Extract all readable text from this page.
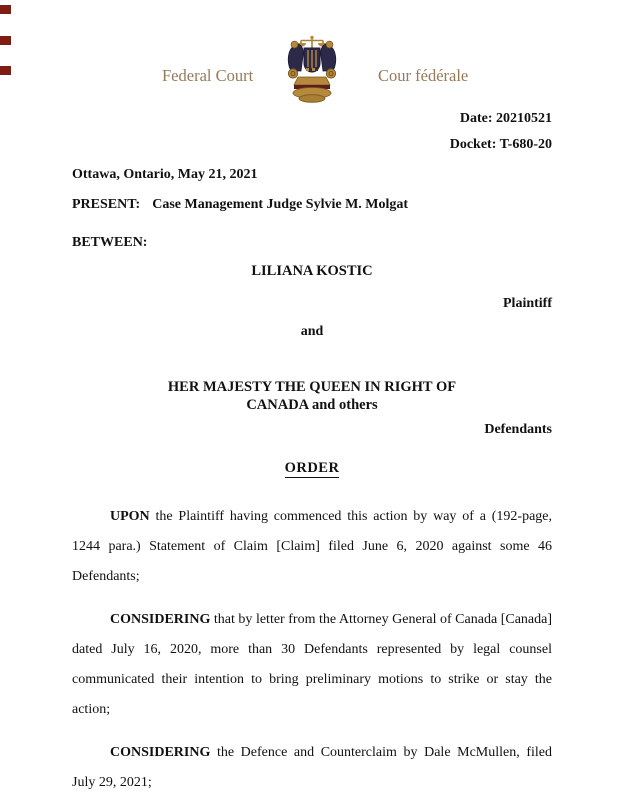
Federal Court	Cour fédérale
Date: 20210521
Docket: T-680-20
Ottawa, Ontario, May 21, 2021
PRESENT: Case Management Judge Sylvie M. Molgat
BETWEEN:
LILIANA KOSTIC
Plaintiff
and
HER MAJESTY THE QUEEN IN RIGHT OF
CANADA and others
Defendants
ORDER

UPON the Plaintiff having commenced this action by way of a (192-page, 1244 para.) Statement of Claim [Claim] filed June 6, 2020 against some 46 Defendants;

CONSIDERING that by letter from the Attorney General of Canada [Canada] dated July 16, 2020, more than 30 Defendants represented by legal counsel communicated their intention to bring preliminary motions to strike or stay the action;

CONSIDERING the Defence and Counterclaim by Dale McMullen, filed July 29, 2021;
